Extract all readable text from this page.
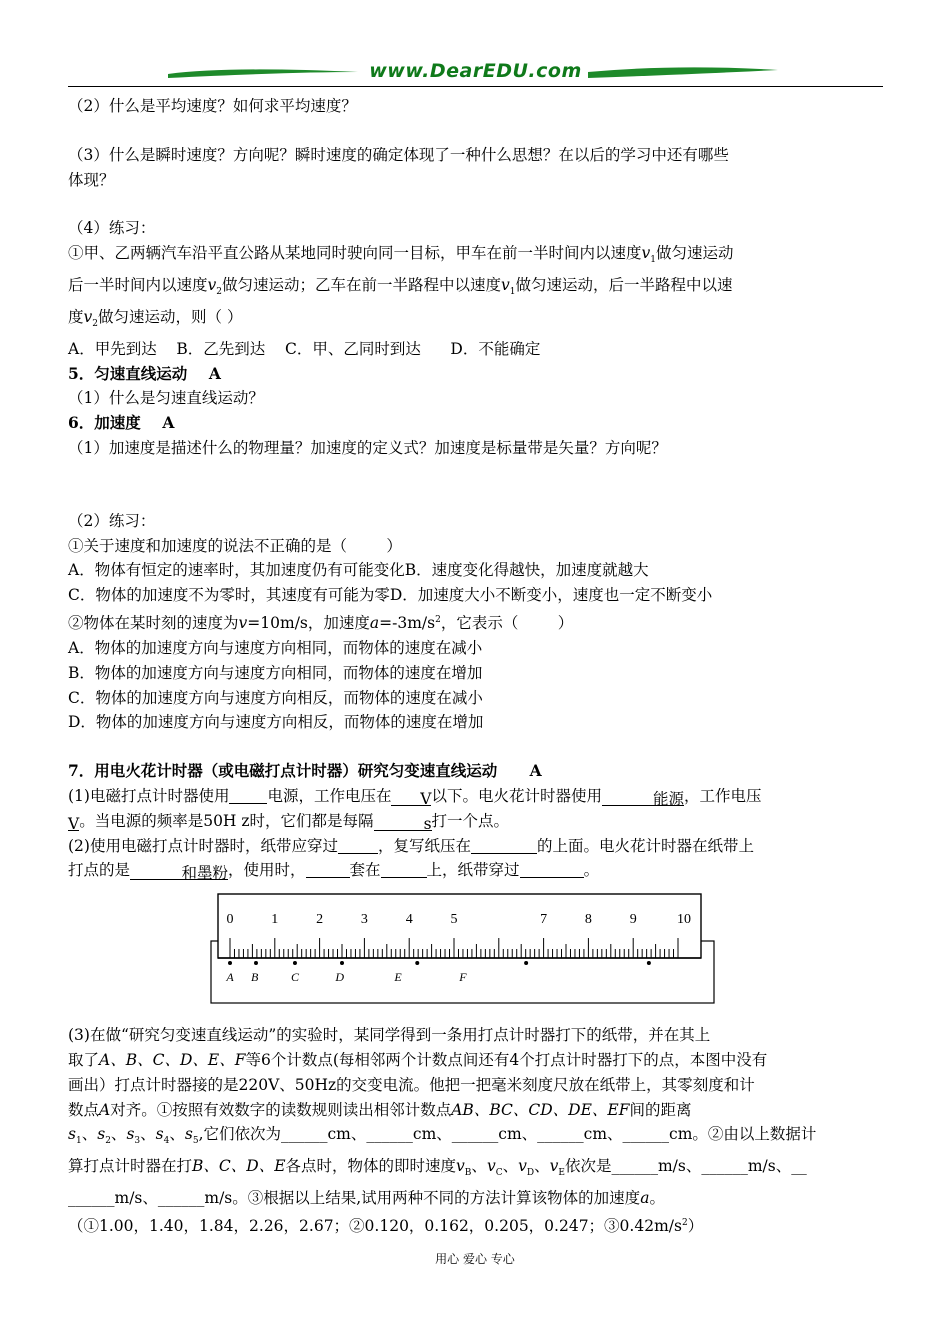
www.DearEDU.com

（2）什么是平均速度？如何求平均速度？

（3）什么是瞬时速度？方向呢？瞬时速度的确定体现了一种什么思想？在以后的学习中还有哪些

体现？

（4）练习：

①甲、乙两辆汽车沿平直公路从某地同时驶向同一目标，甲车在前一半时间内以速度$v_1$做匀速运动

后一半时间内以速度$v_2$做匀速运动；乙车在前一半路程中以速度$v_1$做匀速运动，后一半路程中以速

度$v_2$做匀速运动，则（ ）

A．甲先到达    B．乙先到达    C．甲、乙同时到达      D．不能确定

5．匀速直线运动    A

（1）什么是匀速直线运动？

6．加速度    A

（1）加速度是描述什么的物理量？加速度的定义式？加速度是标量带是矢量？方向呢？

（2）练习：

①关于速度和加速度的说法不正确的是（        ）

A．物体有恒定的速率时，其加速度仍有可能变化B．速度变化得越快，加速度就越大

C．物体的加速度不为零时，其速度有可能为零D．加速度大小不断变小，速度也一定不断变小

②物体在某时刻的速度为v=10m/s，加速度$a=-3m/s^2$，它表示（        ）

A．物体的加速度方向与速度方向相同，而物体的速度在减小

B．物体的加速度方向与速度方向相同，而物体的速度在增加

C．物体的加速度方向与速度方向相反，而物体的速度在减小

D．物体的加速度方向与速度方向相反，而物体的速度在增加

7．用电火花计时器（或电磁打点计时器）研究匀变速直线运动      A

(1)电磁打点计时器使用 电源，工作电压在 V以下。电火花计时器使用	能源，工作电压

V。当电源的频率是50H z时，它们都是每隔	s打一个点。

(2)使用电磁打点计时器时，纸带应穿过	，复写纸压在	的上面。电火花计时器在纸带上

打点的是	和墨粉，使用时，	套在	上，纸带穿过	。

0	1	2	3	4	5	7	8	9	10
A B	C	D	E	F

(3)在做“研究匀变速直线运动”的实验时，某同学得到一条用打点计时器打下的纸带，并在其上

取了A、B、C、D、E、F等6个计数点(每相邻两个计数点间还有4个打点计时器打下的点，本图中没有

画出）打点计时器接的是220V、50Hz的交变电流。他把一把毫米刻度尺放在纸带上，其零刻度和计

数点A对齐。①按照有效数字的读数规则读出相邻计数点AB、BC、CD、DE、EF间的距离

$s_1$、$s_2$、$s_3$、$s_4$、$s_5$,它们依次为______cm、______cm、______cm、______cm、______cm。②由以上数据计

算打点计时器在打B、C、D、E各点时，物体的即时速度$v_B$、$v_C$、$v_D$、$v_E$依次是______m/s、______m/s、__

______m/s、______m/s。③根据以上结果,试用两种不同的方法计算该物体的加速度a。

（①1.00，1.40，1.84，2.26，2.67；②0.120，0.162，0.205，0.247；$③0.42m/s^2$）

用心 爱心 专心
